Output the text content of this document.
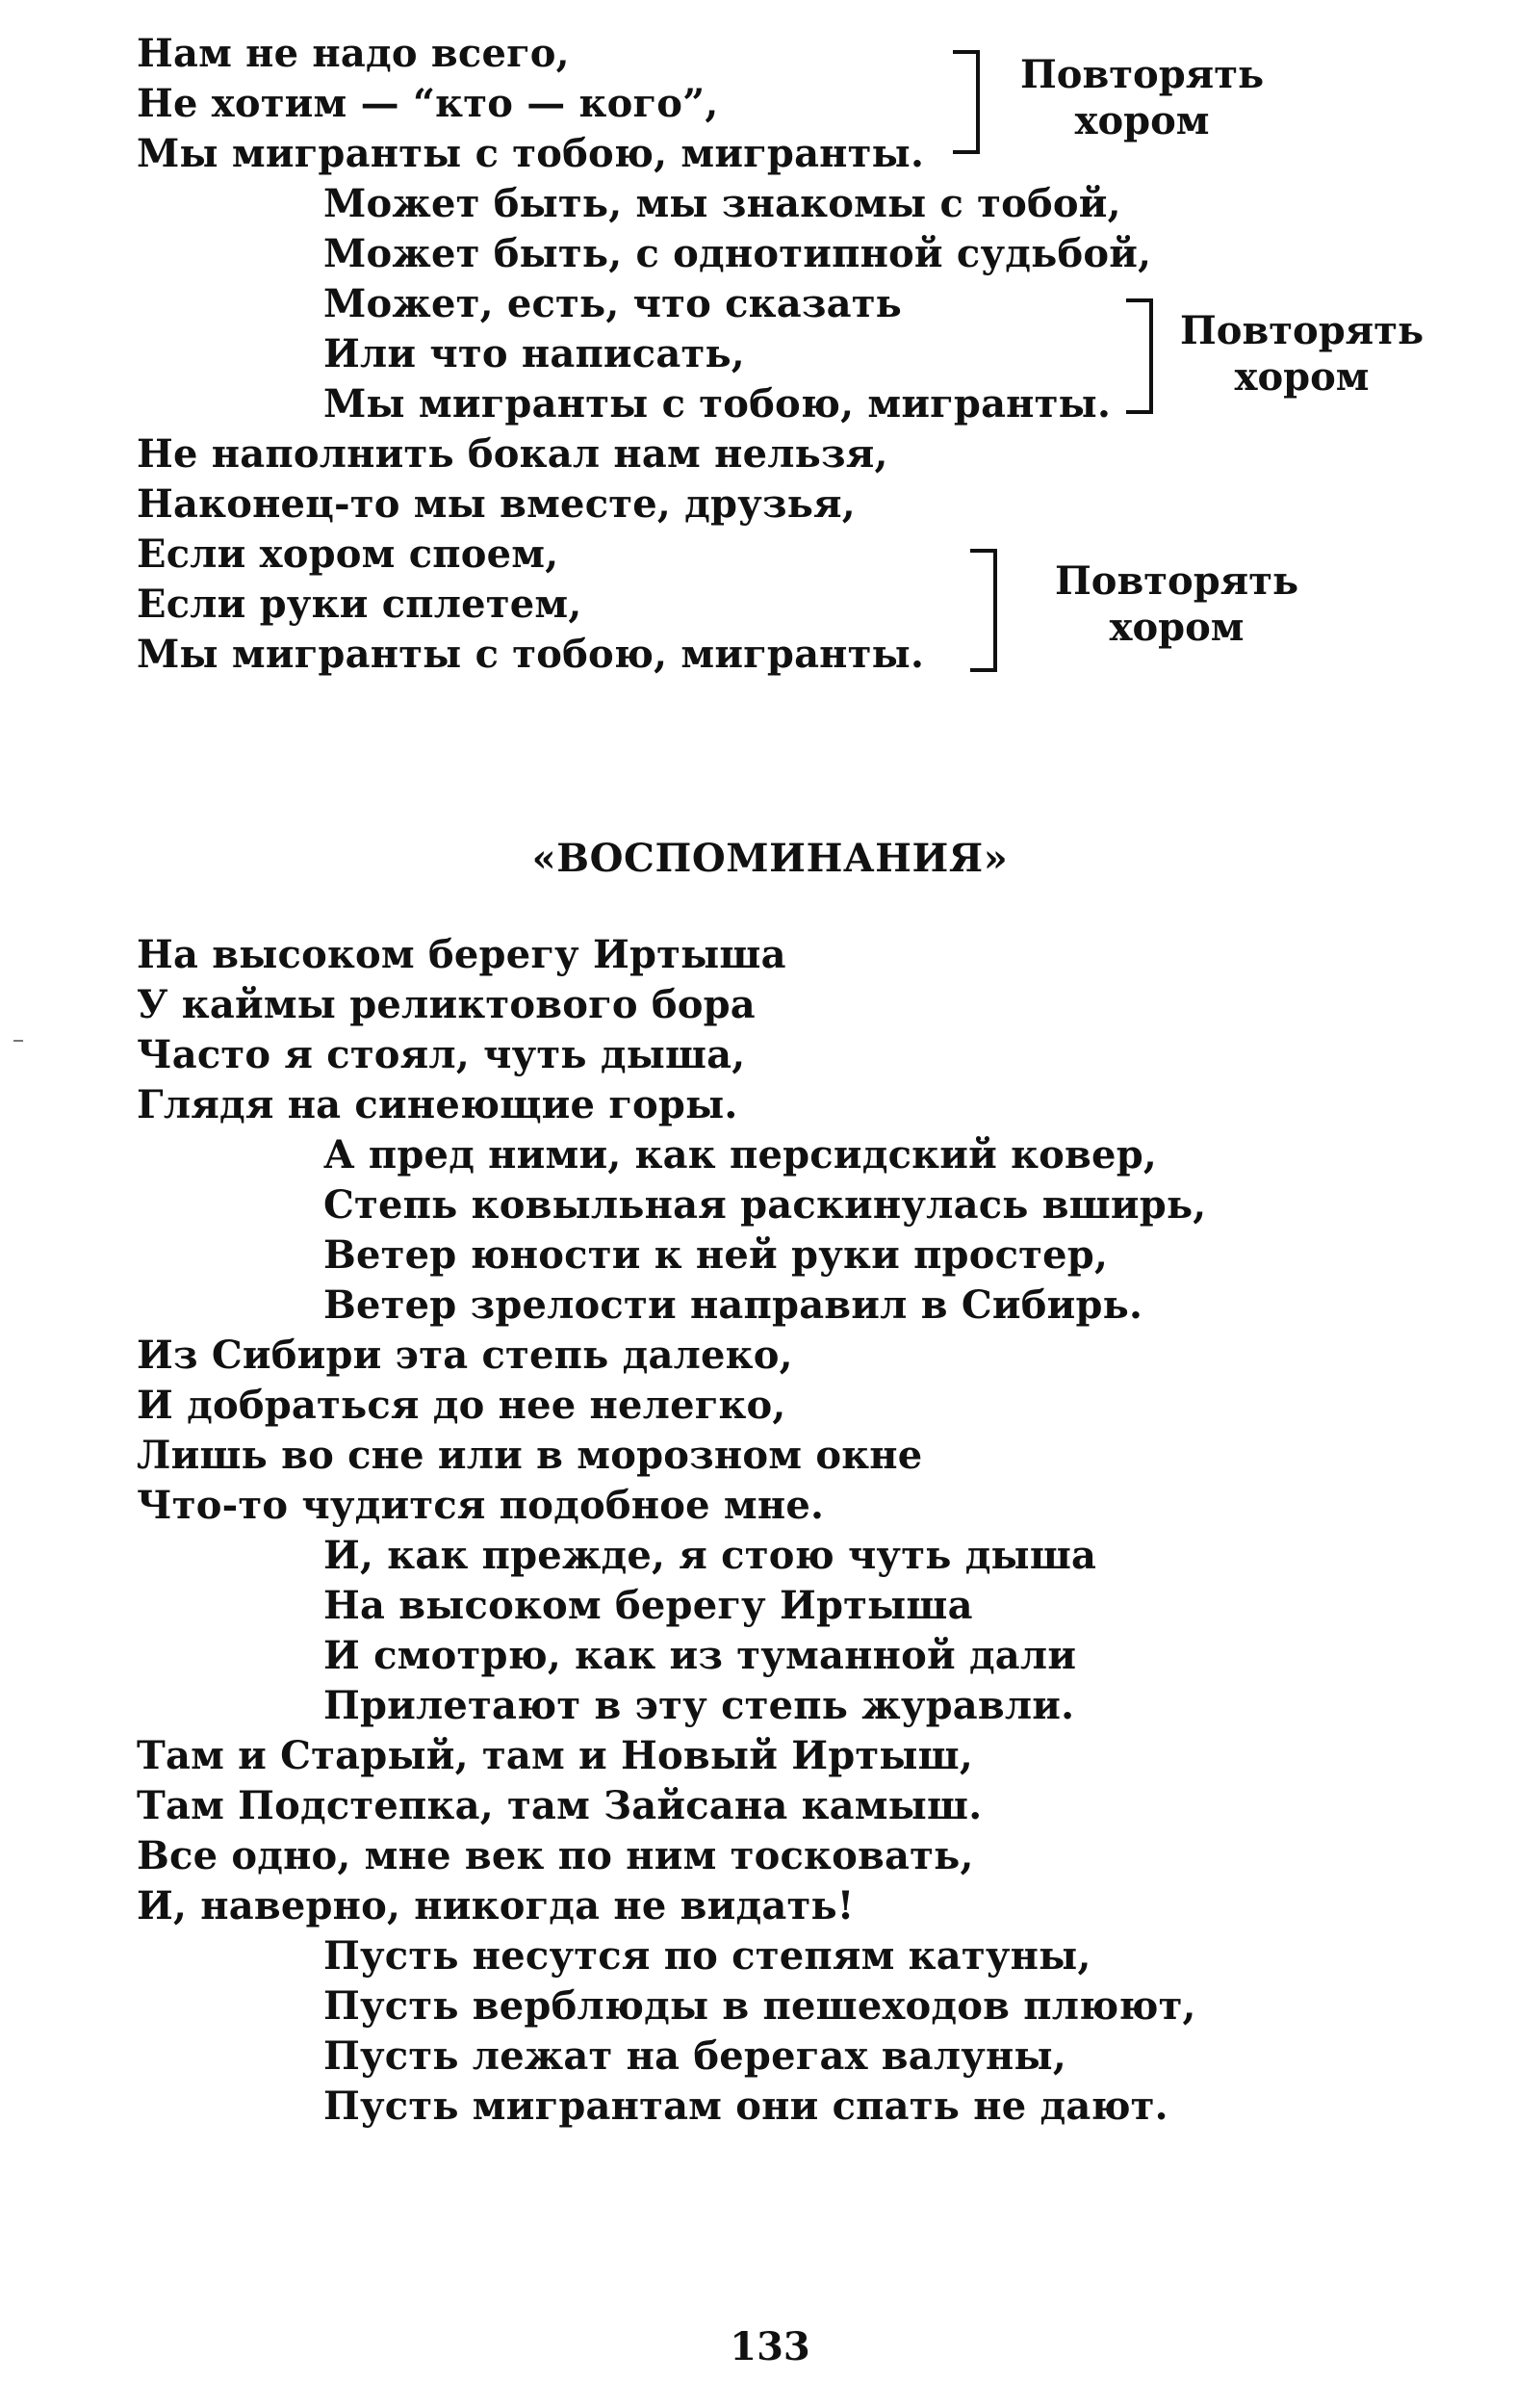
Нам не надо всего,
Не хотим — “кто — кого”,
Мы мигранты с тобою, мигранты.
Может быть, мы знакомы с тобой,
Может быть, с однотипной судьбой,
Может, есть, что сказать
Или что написать,
Мы мигранты с тобою, мигранты.
Не наполнить бокал нам нельзя,
Наконец-то мы вместе, друзья,
Если хором споем,
Если руки сплетем,
Мы мигранты с тобою, мигранты.
Повторять
хором
Повторять
хором
Повторять
хором
«ВОСПОМИНАНИЯ»
На высоком берегу Иртыша
У каймы реликтового бора
Часто я стоял, чуть дыша,
Глядя на синеющие горы.
А пред ними, как персидский ковер,
Степь ковыльная раскинулась вширь,
Ветер юности к ней руки простер,
Ветер зрелости направил в Сибирь.
Из Сибири эта степь далеко,
И добраться до нее нелегко,
Лишь во сне или в морозном окне
Что-то чудится подобное мне.
И, как прежде, я стою чуть дыша
На высоком берегу Иртыша
И смотрю, как из туманной дали
Прилетают в эту степь журавли.
Там и Старый, там и Новый Иртыш,
Там Подстепка, там Зайсана камыш.
Все одно, мне век по ним тосковать,
И, наверно, никогда не видать!
Пусть несутся по степям катуны,
Пусть верблюды в пешеходов плюют,
Пусть лежат на берегах валуны,
Пусть мигрантам они спать не дают.
133
